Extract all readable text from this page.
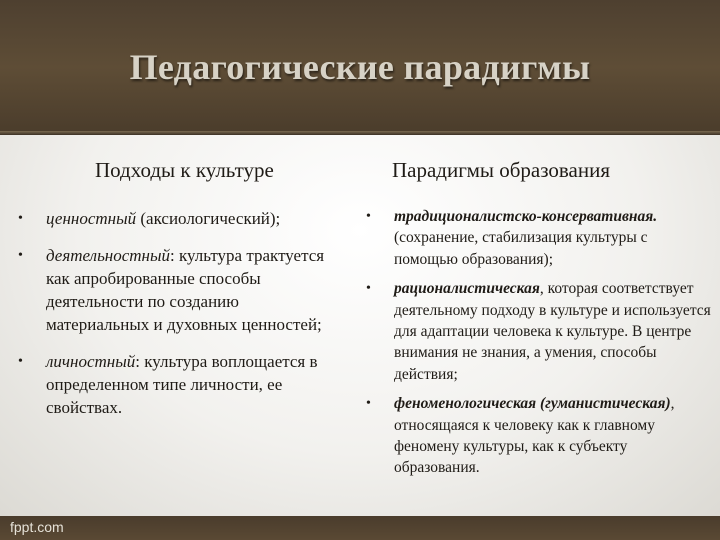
Педагогические парадигмы
Подходы к культуре	Парадигмы образования
• ценностный (аксиологический);
• деятельностный: культура трактуется как апробированные способы деятельности по созданию материальных и духовных ценностей;
• личностный: культура воплощается в определенном типе личности, ее свойствах.
• традиционалистско-консервативная. (сохранение, стабилизация культуры с помощью образования);
• рационалистическая, которая соответствует деятельному подходу в культуре и используется для адаптации человека к культуре. В центре внимания не знания, а умения, способы действия;
• феноменологическая (гуманистическая), относящаяся к человеку как к главному феномену культуры, как к субъекту образования.
fppt.com
